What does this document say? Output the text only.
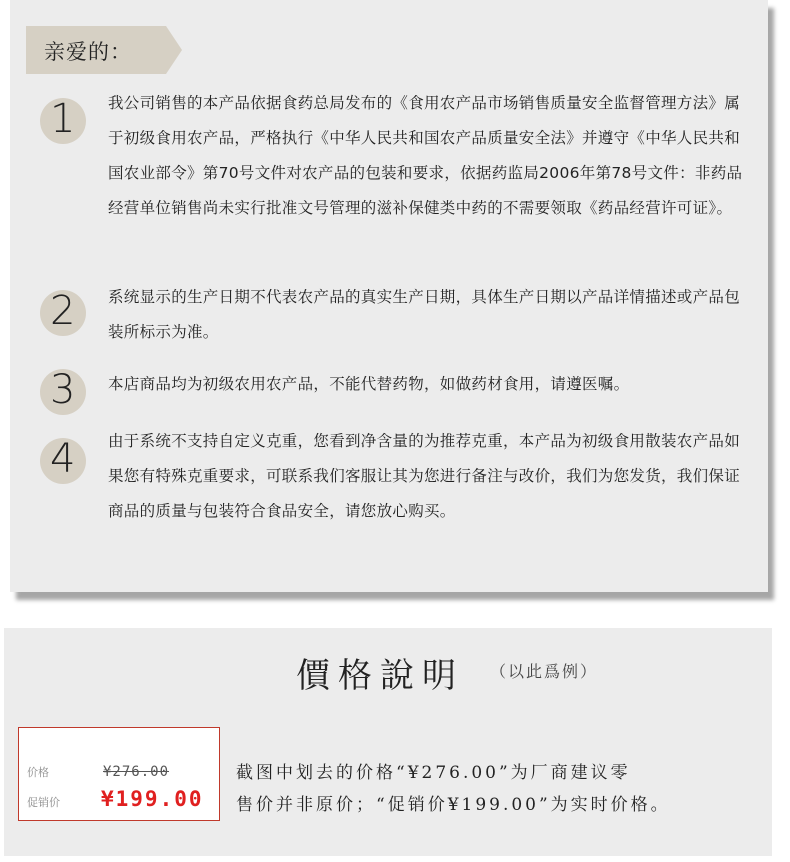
亲爱的：
1 我公司销售的本产品依据食药总局发布的《食用农产品市场销售质量安全监督管理方法》属于初级食用农产品，严格执行《中华人民共和国农产品质量安全法》并遵守《中华人民共和国农业部令》第70号文件对农产品的包装和要求，依据药监局2006年第78号文件：非药品经营单位销售尚未实行批准文号管理的滋补保健类中药的不需要领取《药品经营许可证》。

2 系统显示的生产日期不代表农产品的真实生产日期，具体生产日期以产品详情描述或产品包装所标示为准。

3 本店商品均为初级农用农产品，不能代替药物，如做药材食用，请遵医嘱。

4 由于系统不支持自定义克重，您看到净含量的为推荐克重，本产品为初级食用散装农产品如果您有特殊克重要求，可联系我们客服让其为您进行备注与改价，我们为您发货，我们保证商品的质量与包装符合食品安全，请您放心购买。

價格說明 （以此爲例）
价格	¥276.00
促销价 ¥199.00

截图中划去的价格“¥276.00”为厂商建议零

售价并非原价；“促销价¥199.00”为实时价格。
